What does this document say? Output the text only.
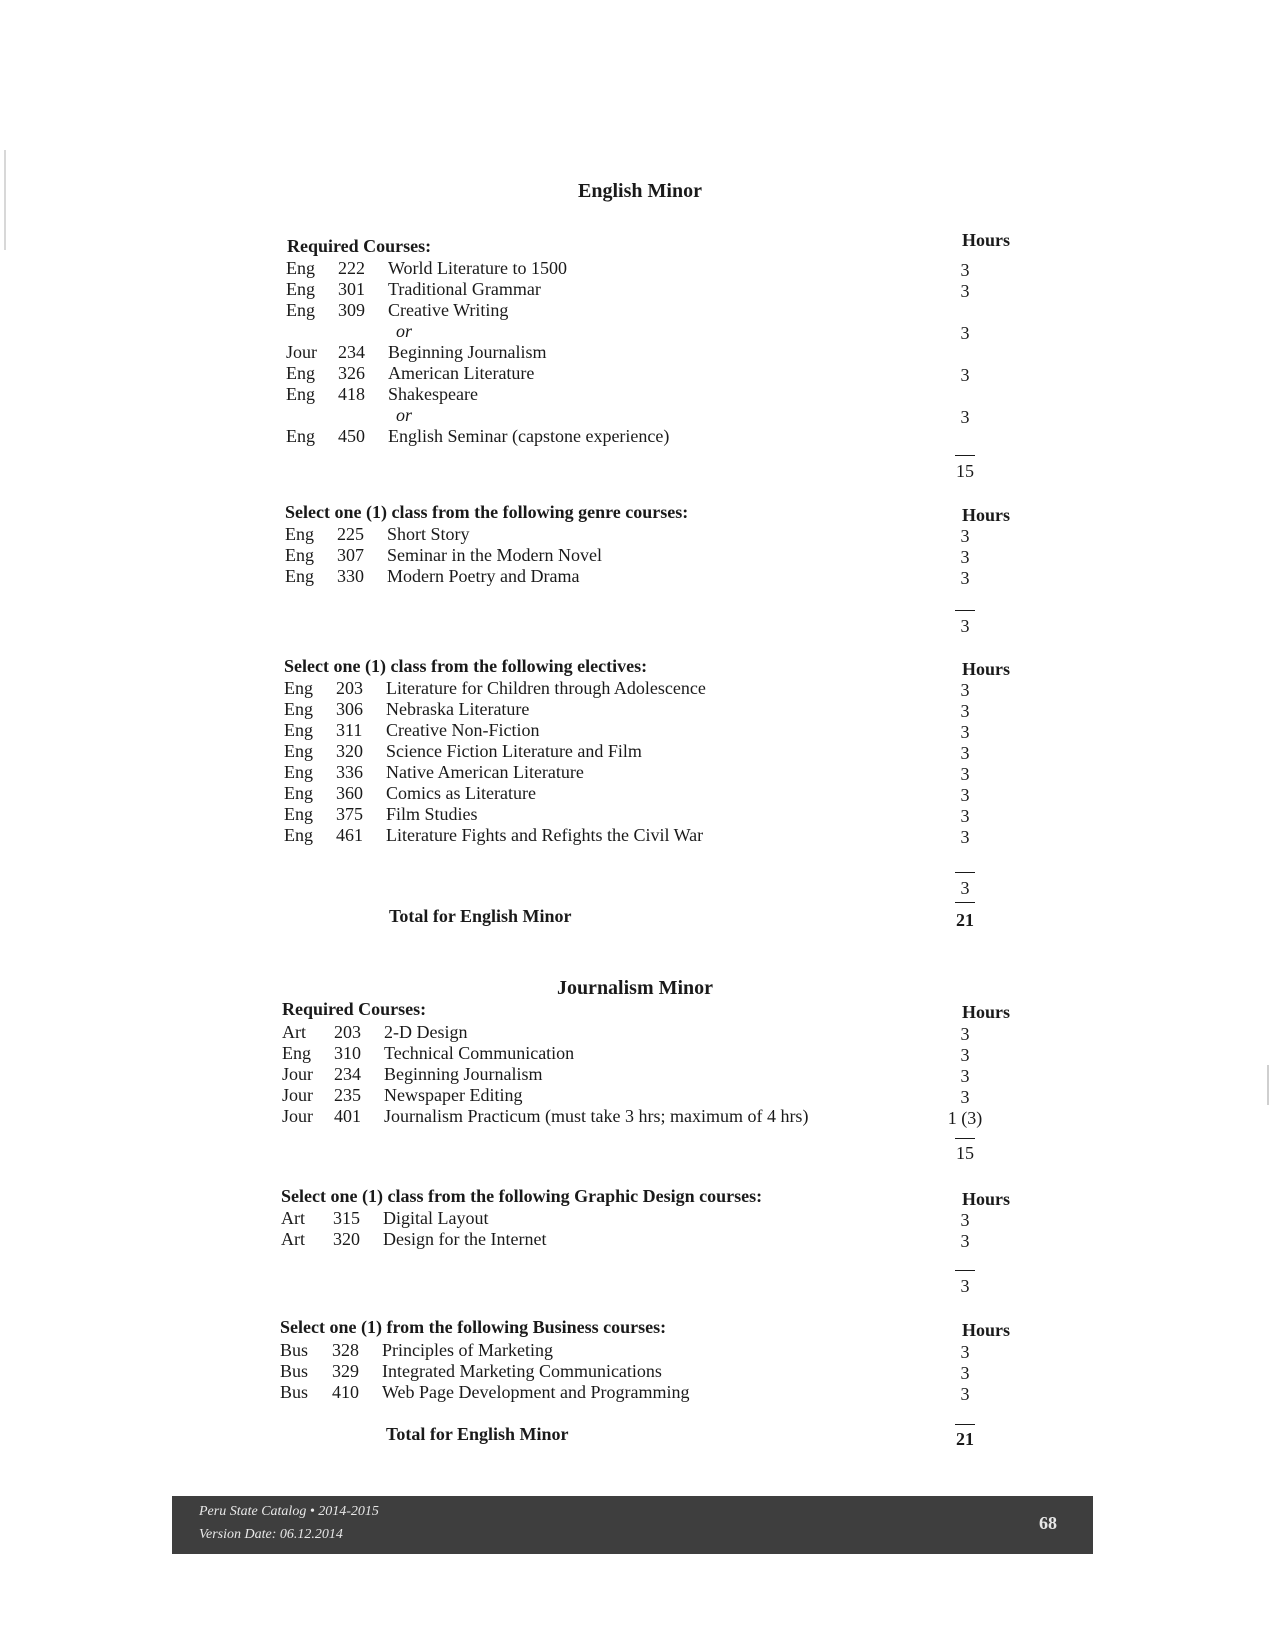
English Minor
Required Courses:	Hours
Eng 222 World Literature to 1500	3
Eng 301 Traditional Grammar	3
Eng 309 Creative Writing
or	3
Jour 234 Beginning Journalism
Eng 326 American Literature	3
Eng 418 Shakespeare
or	3
Eng 450 English Seminar (capstone experience)
15
Select one (1) class from the following genre courses:	Hours
Eng 225 Short Story	3
Eng 307 Seminar in the Modern Novel	3
Eng 330 Modern Poetry and Drama	3
3
Select one (1) class from the following electives:	Hours
Eng 203 Literature for Children through Adolescence	3
Eng 306 Nebraska Literature	3
Eng 311 Creative Non-Fiction	3
Eng 320 Science Fiction Literature and Film	3
Eng 336 Native American Literature	3
Eng 360 Comics as Literature	3
Eng 375 Film Studies	3
Eng 461 Literature Fights and Refights the Civil War	3
3
Total for English Minor	21
Journalism Minor
Required Courses:	Hours
Art 203 2-D Design	3
Eng 310 Technical Communication	3
Jour 234 Beginning Journalism	3
Jour 235 Newspaper Editing	3
Jour 401 Journalism Practicum (must take 3 hrs; maximum of 4 hrs)	1 (3)
15
Select one (1) class from the following Graphic Design courses:	Hours
Art 315 Digital Layout	3
Art 320 Design for the Internet	3
3
Select one (1) from the following Business courses:	Hours
Bus 328 Principles of Marketing	3
Bus 329 Integrated Marketing Communications	3
Bus 410 Web Page Development and Programming	3
Total for English Minor	21
Peru State Catalog • 2014-2015
Version Date: 06.12.2014
68
